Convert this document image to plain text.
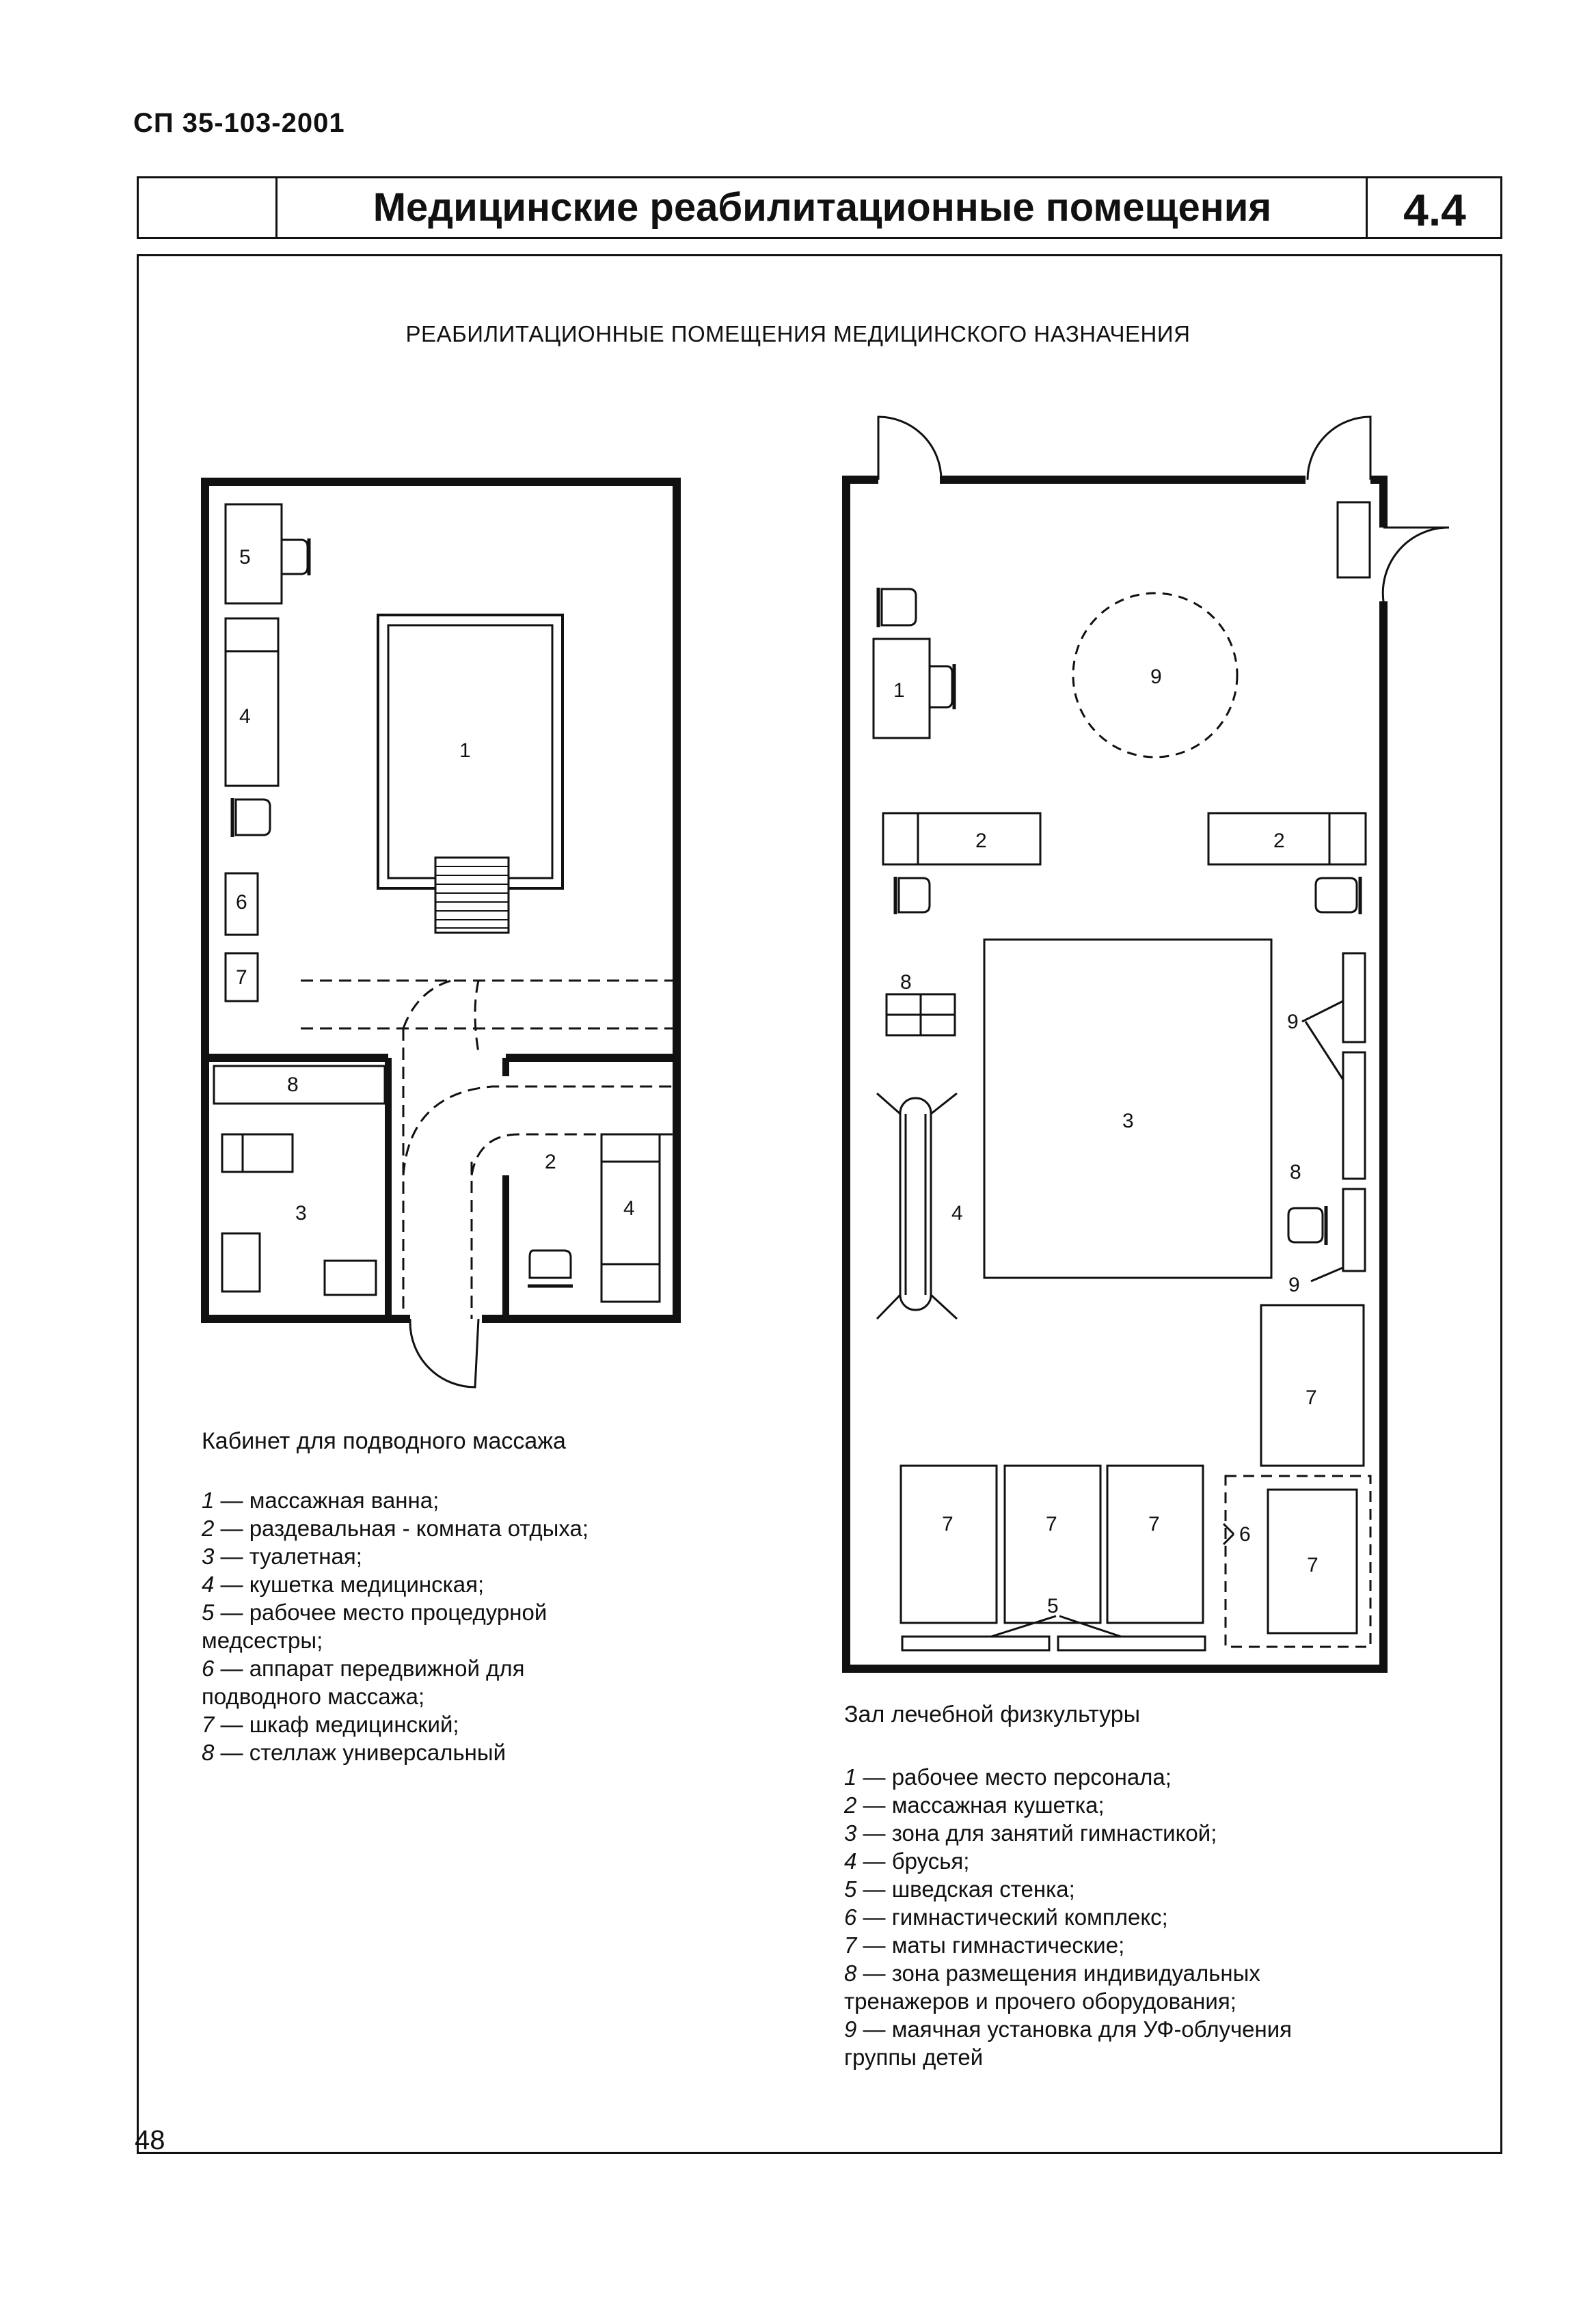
СП 35-103-2001
Медицинские реабилитационные помещения	4.4
РЕАБИЛИТАЦИОННЫЕ ПОМЕЩЕНИЯ МЕДИЦИНСКОГО НАЗНАЧЕНИЯ
1
2
3
4
4
5
6
7
8
1
2	2
3
4
5
6
7
7	7	7
7
8
8
9
9
9
Кабинет для подводного массажа
1 — массажная ванна;
2 — раздевальная - комната отдыха;
3 — туалетная;
4 — кушетка медицинская;
5 — рабочее место процедурной
медсестры;
6 — аппарат передвижной для
подводного массажа;
7 — шкаф медицинский;
8 — стеллаж универсальный
Зал лечебной физкультуры
1 — рабочее место персонала;
2 — массажная кушетка;
3 — зона для занятий гимнастикой;
4 — брусья;
5 — шведская стенка;
6 — гимнастический комплекс;
7 — маты гимнастические;
8 — зона размещения индивидуальных
тренажеров и прочего оборудования;
9 — маячная установка для УФ-облучения
группы детей
48
